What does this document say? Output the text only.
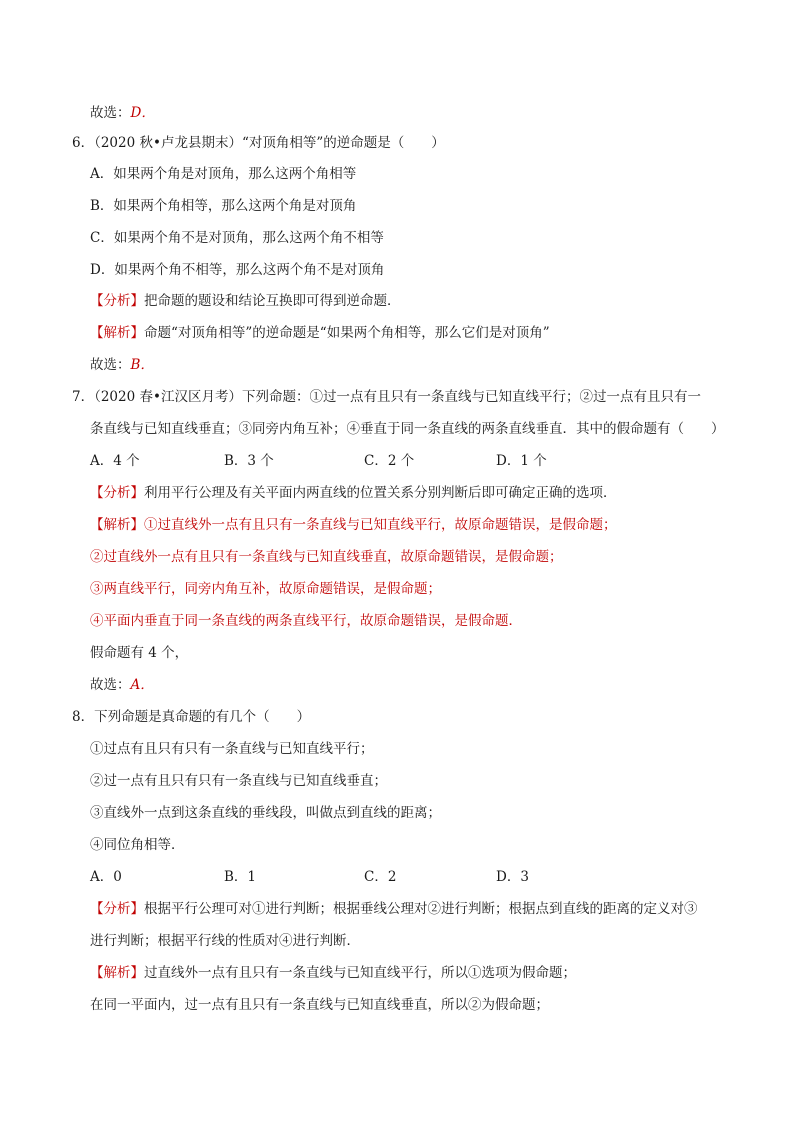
故选：D．
6．（2020 秋•卢龙县期末）“对顶角相等”的逆命题是（　　）
A．如果两个角是对顶角，那么这两个角相等
B．如果两个角相等，那么这两个角是对顶角
C．如果两个角不是对顶角，那么这两个角不相等
D．如果两个角不相等，那么这两个角不是对顶角
【分析】把命题的题设和结论互换即可得到逆命题．
【解析】命题“对顶角相等”的逆命题是“如果两个角相等，那么它们是对顶角”
故选：B．
7．（2020 春•江汉区月考）下列命题：①过一点有且只有一条直线与已知直线平行；②过一点有且只有一
条直线与已知直线垂直；③同旁内角互补；④垂直于同一条直线的两条直线垂直．其中的假命题有（　　）
A．4 个	B．3 个	C．2 个	D．1 个
【分析】利用平行公理及有关平面内两直线的位置关系分别判断后即可确定正确的选项．
【解析】①过直线外一点有且只有一条直线与已知直线平行，故原命题错误，是假命题；
②过直线外一点有且只有一条直线与已知直线垂直，故原命题错误，是假命题；
③两直线平行，同旁内角互补，故原命题错误，是假命题；
④平面内垂直于同一条直线的两条直线平行，故原命题错误，是假命题．
假命题有 4 个，
故选：A．
8．下列命题是真命题的有几个（　　）
①过点有且只有只有一条直线与已知直线平行；
②过一点有且只有只有一条直线与已知直线垂直；
③直线外一点到这条直线的垂线段，叫做点到直线的距离；
④同位角相等．
A．0	B．1	C．2	D．3
【分析】根据平行公理可对①进行判断；根据垂线公理对②进行判断；根据点到直线的距离的定义对③
进行判断；根据平行线的性质对④进行判断．
【解析】过直线外一点有且只有一条直线与已知直线平行，所以①选项为假命题；
在同一平面内，过一点有且只有一条直线与已知直线垂直，所以②为假命题；
